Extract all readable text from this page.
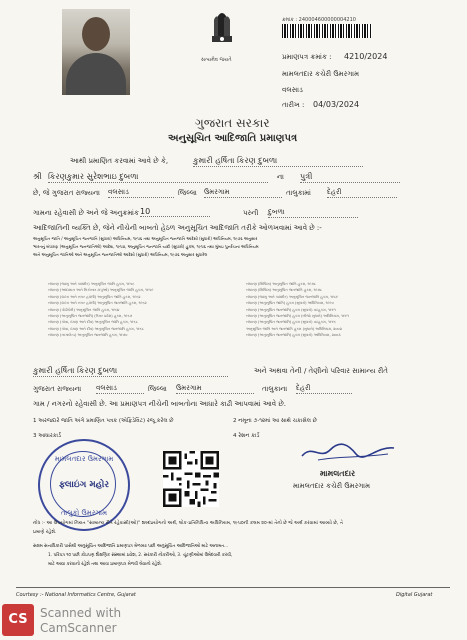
સત્યમેવ જયતે
ક્રમાંક : 240004600000004210
પ્રમાણપત્ર ક્રમાંક : 4210/2024
મામલતદાર કચેરી ઉમરગામ
વલસાડ
તારીખ : 04/03/2024
ગુજરાત સરકાર
અનુસૂચિત આદિજાતિ પ્રમાણપત્ર
આથી પ્રમાણિત કરવામાં આવે છે કે,	કુમારી હર્ષિતા કિરણ દુબળા
શ્રી કિરણકુમાર સુરેશભાઇ દુબળા	ના પુત્રી
છે, જે ગુજરાત રાજ્યના વલસાડ	જિલ્લા ઉમરગામ	તાલુકામાં દેહરી
ગામના રહેવાસી છે અને જે અનુક્રમાંક 10	પરની દુબળા
આદિજાતિની વ્યક્તિ છે, જેને નીચેની બાબતો હેઠળ અનુસૂચિત આદિજાતિ તરીકે ઓળખવામાં આવે છે :-
અનુસૂચિત જાતિ / અનુસૂચિત જનજાતિ (સુધારા) અધિનિયમ, ૧૯૫૬ તથા અનુસૂચિત જનજાતિ આદેશો (સુધારો) અધિનિયમ, ૧૯૭૬ અનુસાર
ભારતનું બંધારણ (અનુસૂચિત જનજાતિઓ) આદેશ, ૧૯૫૦, અનુસૂચિત જનજાતિ યાદી (સુધારો) હુકમ, ૧૯૫૬ તથા મુંબઇ પુનર્રચના અધિનિયમ
અને અનુસૂચિત જાતિઓ અને અનુસૂચિત જનજાતિઓ આદેશો (સુધારો) અધિનિયમ, ૧૯૭૬ અનુસાર સુધારેલ
બંધારણ (જમ્મુ અને કાશ્મીર) અનુસૂચિત જાતિ હુકમ, ૧૯૫૬
બંધારણ (આંદામાન અને નિકોબાર ટાપુઓ) અનુસૂચિત જાતિ હુકમ, ૧૯૫૯
બંધારણ (દાદરા અને નગર હવેલી) અનુસૂચિત જાતિ હુકમ, ૧૯૬૨
બંધારણ (દાદરા અને નગર હવેલી) અનુસૂચિત જનજાતિ હુકમ, ૧૯૬૨
બંધારણ (પોંડીચેરી) અનુસૂચિત જાતિ હુકમ, ૧૯૬૪
બંધારણ (અનુસૂચિત જનજાતિ) (ઉત્તર પ્રદેશ) હુકમ, ૧૯૬૭
બંધારણ (ગોવા, દમણ અને દીવ) અનુસૂચિત જાતિ હુકમ, ૧૯૬૮
બંધારણ (ગોવા, દમણ અને દીવ) અનુસૂચિત જનજાતિ હુકમ, ૧૯૬૮
બંધારણ (નાગાલેન્ડ) અનુસૂચિત જનજાતિ હુકમ, ૧૯૭૦
બંધારણ (સિક્કિમ) અનુસૂચિત જાતિ હુકમ, ૧૯૭૮
બંધારણ (સિક્કિમ) અનુસૂચિત જનજાતિ હુકમ, ૧૯૭૮
બંધારણ (જમ્મુ અને કાશ્મીર) અનુસૂચિત જનજાતિ હુકમ, ૧૯૮૯
બંધારણ (અનુસૂચિત જાતિ) હુકમ (સુધારો) અધિનિયમ, ૧૯૯૦
બંધારણ (અનુસૂચિત જનજાતિ) હુકમ (સુધારો) વટહુકમ, ૧૯૯૧
બંધારણ (અનુસૂચિત જનજાતિ) હુકમ (બીજો સુધારો) અધિનિયમ, ૧૯૯૧
બંધારણ (અનુસૂચિત જનજાતિ) હુકમ (સુધારો) વટહુકમ, ૧૯૯૬
અનુસૂચિત જાતિ અને જનજાતિ હુકમ (સુધારો) અધિનિયમ, ૨૦૦૨
બંધારણ (અનુસૂચિત જનજાતિ) હુકમ (સુધારો) અધિનિયમ, ૨૦૦૩
કુમારી હર્ષિતા કિરણ દુબળા	અને અથવા તેની / તેણીનો પરિવાર સામાન્ય રીતે
ગુજરાત રાજ્યના વલસાડ	જિલ્લા ઉમરગામ	તાલુકાના દેહરી
ગામ / નગરનો રહેવાસી છે. આ પ્રમાણપત્ર નીચેની બાબતોના આધારે કાઢી આપવામાં આવે છે.
1 અરજદારે જાતિ અંગે પ્રમાણિત પત્રક (એફિડેવિટ) રજૂ કરેલ છે	2 નમૂના ૭-૧૨માં આ સાથે ચકાસેલ છે
3 આધારકાર્ડ	4 રેશન કાર્ડ
મામલતદાર ઉમરગામ
ફ્લાઇંગ મહોર
તાલુકો ઉમરગામ
મામલતદાર
મામલતદાર કચેરી ઉમરગામ
નોંધ :- આ ઉપયોગમાં નિયત "સામાન્ય રીતે રહેવાસી(ઓ)" શબ્દપ્રયોગનો અર્થ, લોક-પ્રતિનિધિત્વ અધિનિયમ, ૧૯૫૦ની કલમ ૨૦-માં તેનો છે જે અર્થ કરવામાં આવ્યો છે, તે
પ્રમાણે રહેશે.
સક્ષમ સત્તાધિકારી પાસેથી અનુસૂચિત આદિજાતિ પ્રમાણપત્ર મેળવ્યા પછી અનુસૂચિત આદિજાતિઓ માટે અનામત...
1. પરિપત્ર ૧૦ પછી કોઇપણ શૈક્ષણિક સંસ્થામાં પ્રવેશ, 2. સરકારી નોકરીઓ, 3. ચૂંટણીઓમાં ઉમેદવારી કરવી,
માટે આવા કરવાનો રહેશે તથા આવા પ્રમાણપત્ર મેળવી લેવાનો રહેશે.
Courtesy :- National Informatics Centre, Gujarat	Digital Gujarat
CS	Scanned with
CamScanner
